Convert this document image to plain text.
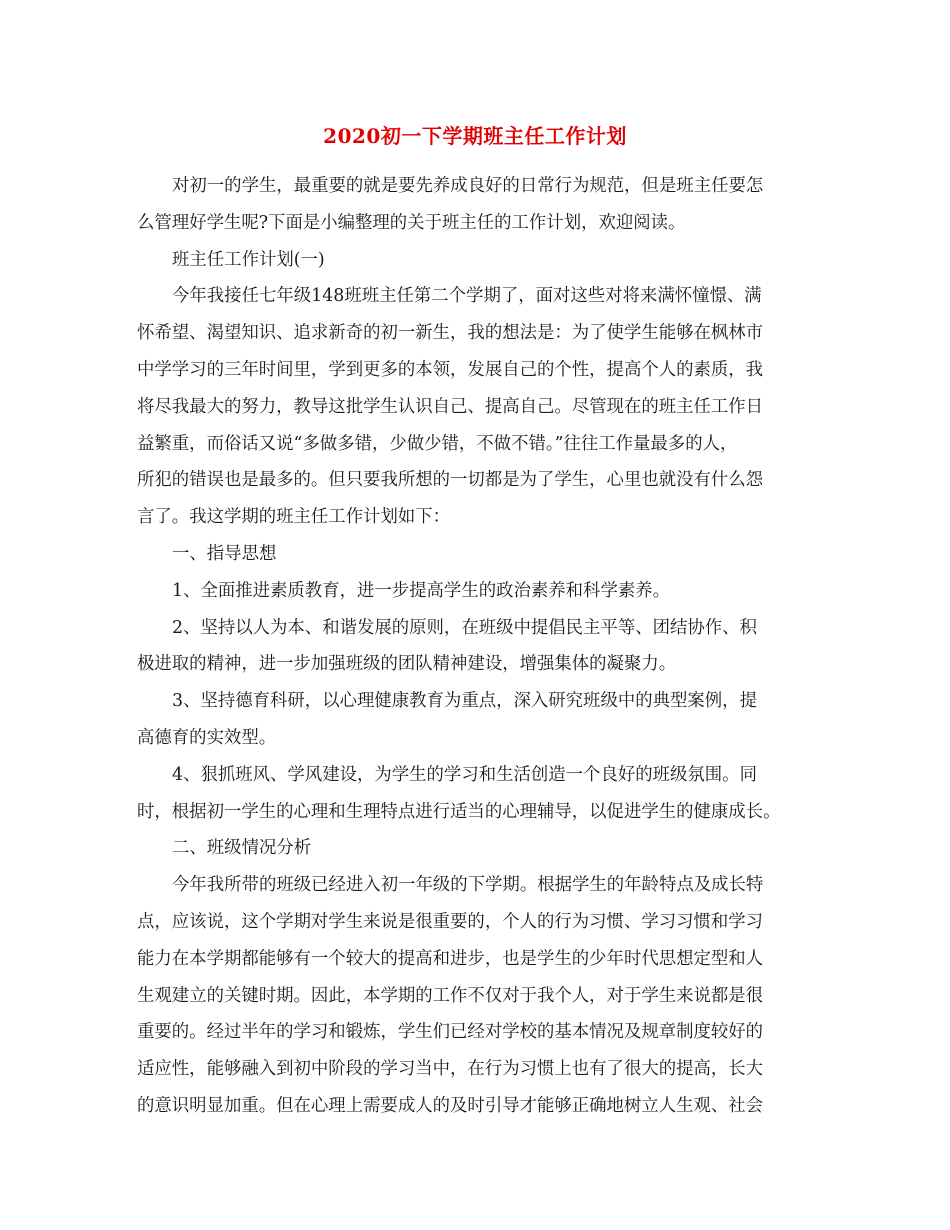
2020初一下学期班主任工作计划
对初一的学生，最重要的就是要先养成良好的日常行为规范，但是班主任要怎
么管理好学生呢?下面是小编整理的关于班主任的工作计划，欢迎阅读。
班主任工作计划(一)
今年我接任七年级148班班主任第二个学期了，面对这些对将来满怀憧憬、满
怀希望、渴望知识、追求新奇的初一新生，我的想法是：为了使学生能够在枫林市
中学学习的三年时间里，学到更多的本领，发展自己的个性，提高个人的素质，我
将尽我最大的努力，教导这批学生认识自己、提高自己。尽管现在的班主任工作日
益繁重，而俗话又说“多做多错，少做少错，不做不错。”往往工作量最多的人，
所犯的错误也是最多的。但只要我所想的一切都是为了学生，心里也就没有什么怨
言了。我这学期的班主任工作计划如下：
一、指导思想
1、全面推进素质教育，进一步提高学生的政治素养和科学素养。
2、坚持以人为本、和谐发展的原则，在班级中提倡民主平等、团结协作、积
极进取的精神，进一步加强班级的团队精神建设，增强集体的凝聚力。
3、坚持德育科研，以心理健康教育为重点，深入研究班级中的典型案例，提
高德育的实效型。
4、狠抓班风、学风建设，为学生的学习和生活创造一个良好的班级氛围。同
时，根据初一学生的心理和生理特点进行适当的心理辅导，以促进学生的健康成长。
二、班级情况分析
今年我所带的班级已经进入初一年级的下学期。根据学生的年龄特点及成长特
点，应该说，这个学期对学生来说是很重要的，个人的行为习惯、学习习惯和学习
能力在本学期都能够有一个较大的提高和进步，也是学生的少年时代思想定型和人
生观建立的关键时期。因此，本学期的工作不仅对于我个人，对于学生来说都是很
重要的。经过半年的学习和锻炼，学生们已经对学校的基本情况及规章制度较好的
适应性，能够融入到初中阶段的学习当中，在行为习惯上也有了很大的提高，长大
的意识明显加重。但在心理上需要成人的及时引导才能够正确地树立人生观、社会
